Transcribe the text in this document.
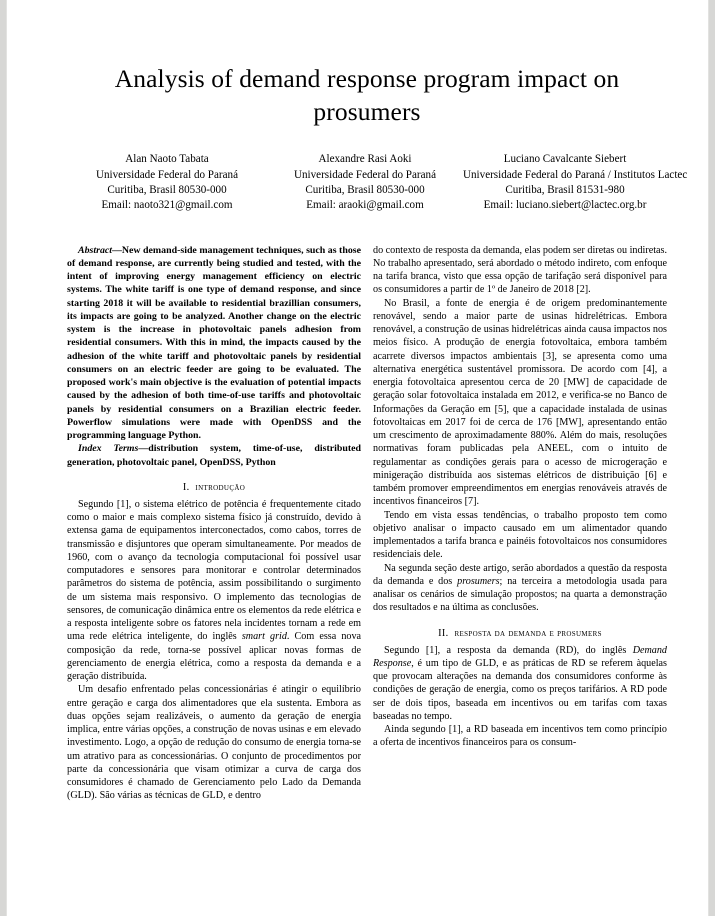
Analysis of demand response program impact on
prosumers
Alan Naoto Tabata
Universidade Federal do Paraná
Curitiba, Brasil 80530-000
Email: naoto321@gmail.com
Alexandre Rasi Aoki
Universidade Federal do Paraná
Curitiba, Brasil 80530-000
Email: araoki@gmail.com
Luciano Cavalcante Siebert
Universidade Federal do Paraná / Institutos Lactec
Curitiba, Brasil 81531-980
Email: luciano.siebert@lactec.org.br

Abstract—New demand-side management techniques, such as those of demand response, are currently being studied and tested, with the intent of improving energy management efficiency on electric systems. The white tariff is one type of demand response, and since starting 2018 it will be available to residential brazillian consumers, its impacts are going to be analyzed. Another change on the electric system is the increase in photovoltaic panels adhesion from residential consumers. With this in mind, the impacts caused by the adhesion of the white tariff and photovoltaic panels by residential consumers on an electric feeder are going to be evaluated. The proposed work's main objective is the evaluation of potential impacts caused by the adhesion of both time-of-use tariffs and photovoltaic panels by residential consumers on a Brazilian electric feeder. Powerflow simulations were made with OpenDSS and the programming language Python.

Index Terms—distribution system, time-of-use, distributed generation, photovoltaic panel, OpenDSS, Python

I. introdução

Segundo [1], o sistema elétrico de potência é frequentemente citado como o maior e mais complexo sistema físico já construído, devido à extensa gama de equipamentos interconectados, como cabos, torres de transmissão e disjuntores que operam simultaneamente. Por meados de 1960, com o avanço da tecnologia computacional foi possível usar computadores e sensores para monitorar e controlar determinados parâmetros do sistema de potência, assim possibilitando o surgimento de um sistema mais responsivo. O implemento das tecnologias de sensores, de comunicação dinâmica entre os elementos da rede elétrica e a resposta inteligente sobre os fatores nela incidentes tornam a rede em uma rede elétrica inteligente, do inglês smart grid. Com essa nova composição da rede, torna-se possível aplicar novas formas de gerenciamento de energia elétrica, como a resposta da demanda e a geração distribuída.

Um desafio enfrentado pelas concessionárias é atingir o equilíbrio entre geração e carga dos alimentadores que ela sustenta. Embora as duas opções sejam realizáveis, o aumento da geração de energia implica, entre várias opções, a construção de novas usinas e em elevado investimento. Logo, a opção de redução do consumo de energia torna-se um atrativo para as concessionárias. O conjunto de procedimentos por parte da concessionária que visam otimizar a curva de carga dos consumidores é chamado de Gerenciamento pelo Lado da Demanda (GLD). São várias as técnicas de GLD, e dentro

do contexto de resposta da demanda, elas podem ser diretas ou indiretas. No trabalho apresentado, será abordado o método indireto, com enfoque na tarifa branca, visto que essa opção de tarifação será disponível para os consumidores a partir de 1º de Janeiro de 2018 [2].

No Brasil, a fonte de energia é de origem predominantemente renovável, sendo a maior parte de usinas hidrelétricas. Embora renovável, a construção de usinas hidrelétricas ainda causa impactos nos meios físico. A produção de energia fotovoltaica, embora também acarrete diversos impactos ambientais [3], se apresenta como uma alternativa energética sustentável promissora. De acordo com [4], a energia fotovoltaica apresentou cerca de 20 [MW] de capacidade de geração solar fotovoltaica instalada em 2012, e verifica-se no Banco de Informações da Geração em [5], que a capacidade instalada de usinas fotovoltaicas em 2017 foi de cerca de 176 [MW], apresentando então um crescimento de aproximadamente 880%. Além do mais, resoluções normativas foram publicadas pela ANEEL, com o intuito de regulamentar as condições gerais para o acesso de microgeração e minigeração distribuída aos sistemas elétricos de distribuição [6] e também promover empreendimentos em energias renováveis através de incentivos financeiros [7].

Tendo em vista essas tendências, o trabalho proposto tem como objetivo analisar o impacto causado em um alimentador quando implementados a tarifa branca e painéis fotovoltaicos nos consumidores residenciais dele.

Na segunda seção deste artigo, serão abordados a questão da resposta da demanda e dos prosumers; na terceira a metodologia usada para analisar os cenários de simulação propostos; na quarta a demonstração dos resultados e na última as conclusões.

II. resposta da demanda e prosumers

Segundo [1], a resposta da demanda (RD), do inglês Demand Response, é um tipo de GLD, e as práticas de RD se referem àquelas que provocam alterações na demanda dos consumidores conforme às condições de geração de energia, como os preços tarifários. A RD pode ser de dois tipos, baseada em incentivos ou em tarifas com taxas baseadas no tempo.

Ainda segundo [1], a RD baseada em incentivos tem como princípio a oferta de incentivos financeiros para os consum-
